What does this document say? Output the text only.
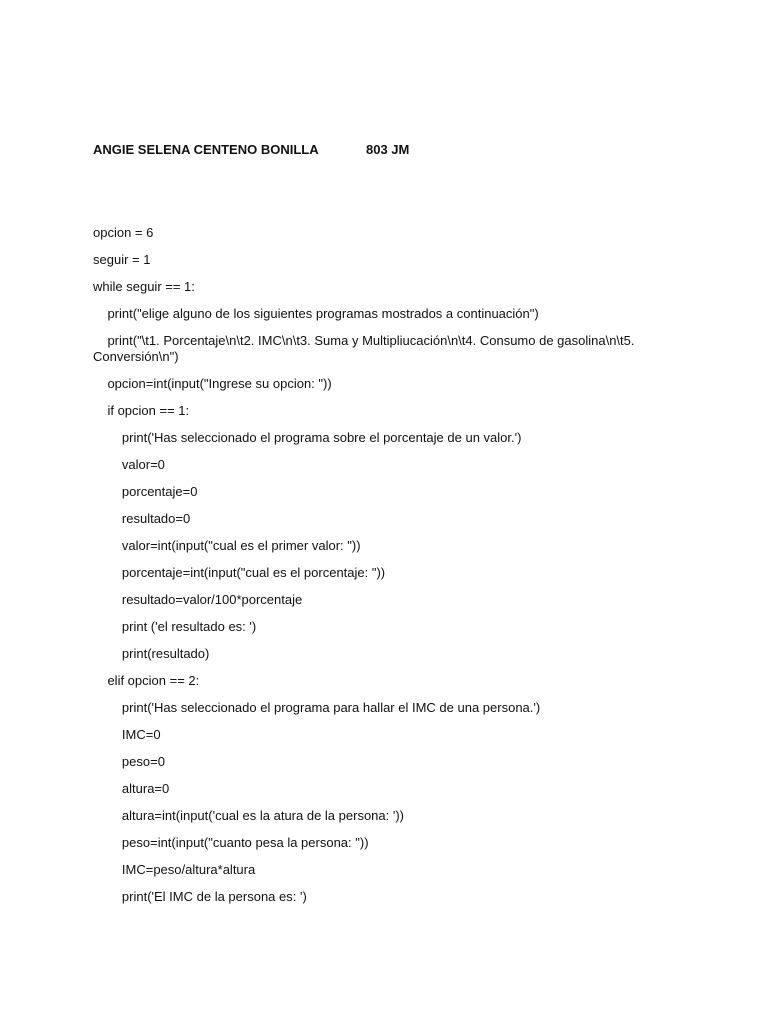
ANGIE SELENA CENTENO BONILLA	803 JM

opcion = 6

seguir = 1

while seguir == 1:

print("elige alguno de los siguientes programas mostrados a continuación")

print("\t1. Porcentaje\n\t2. IMC\n\t3. Suma y Multipliucación\n\t4. Consumo de gasolina\n\t5. Conversión\n")

opcion=int(input("Ingrese su opcion: "))

if opcion == 1:

print('Has seleccionado el programa sobre el porcentaje de un valor.')

valor=0

porcentaje=0

resultado=0

valor=int(input("cual es el primer valor: "))

porcentaje=int(input("cual es el porcentaje: "))

resultado=valor/100*porcentaje

print ('el resultado es: ')

print(resultado)

elif opcion == 2:

print('Has seleccionado el programa para hallar el IMC de una persona.')

IMC=0

peso=0

altura=0

altura=int(input('cual es la atura de la persona: '))

peso=int(input("cuanto pesa la persona: "))

IMC=peso/altura*altura

print('El IMC de la persona es: ')
